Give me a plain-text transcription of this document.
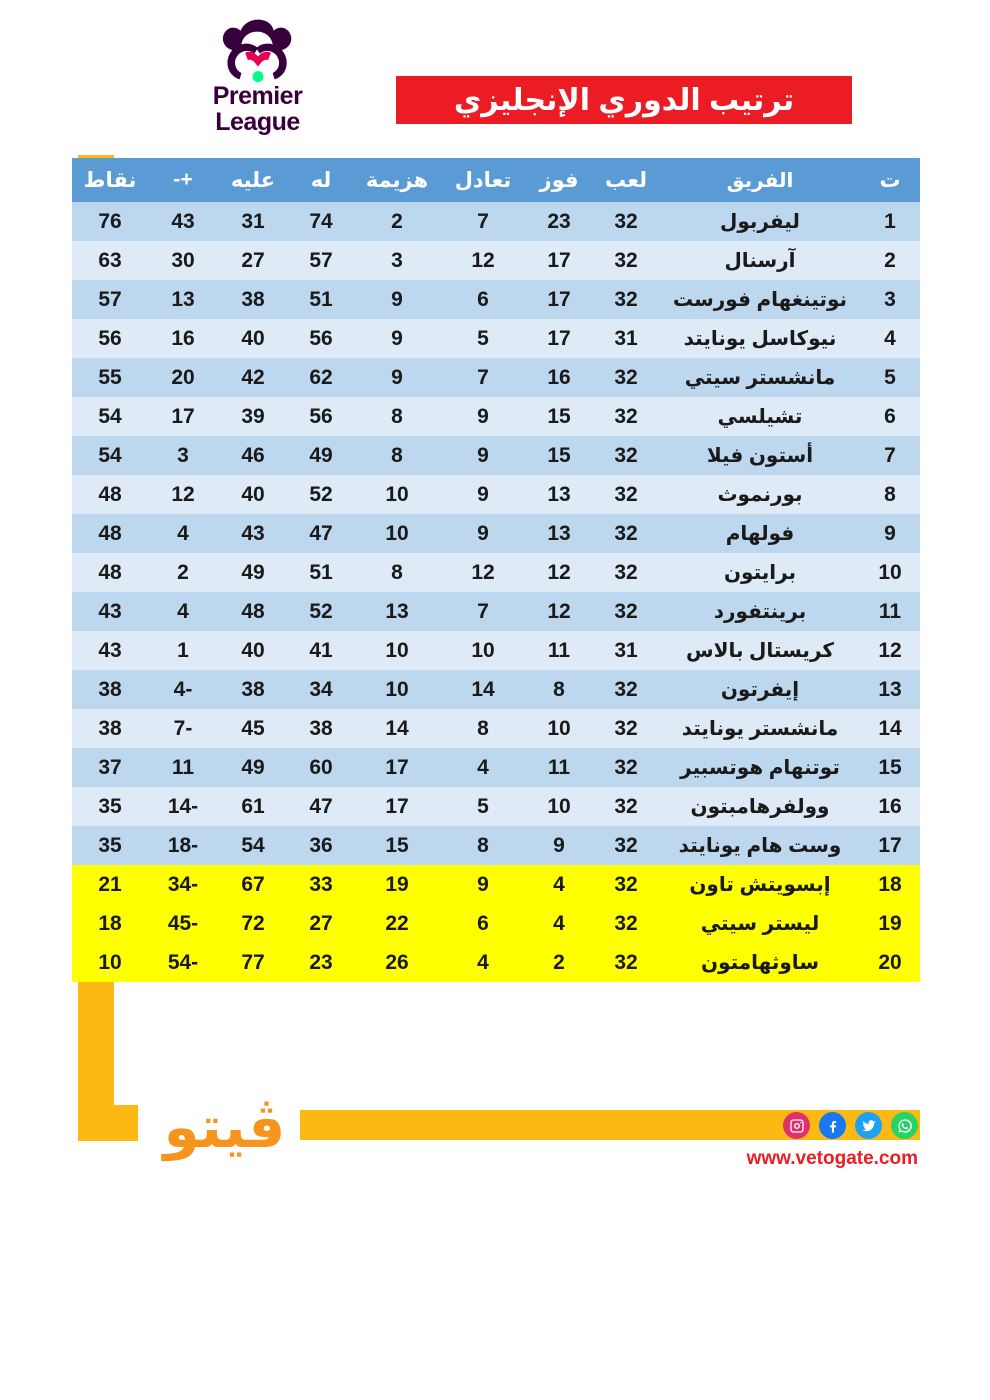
Premier
League
ترتيب الدوري الإنجليزي
ت	الفريق	لعب	فوز	تعادل	هزيمة	له	عليه	+-	نقاط
1	ليفربول	32	23	7	2	74	31	43	76
2	آرسنال	32	17	12	3	57	27	30	63
3	نوتينغهام فورست	32	17	6	9	51	38	13	57
4	نيوكاسل يونايتد	31	17	5	9	56	40	16	56
5	مانشستر سيتي	32	16	7	9	62	42	20	55
6	تشيلسي	32	15	9	8	56	39	17	54
7	أستون فيلا	32	15	9	8	49	46	3	54
8	بورنموث	32	13	9	10	52	40	12	48
9	فولهام	32	13	9	10	47	43	4	48
10	برايتون	32	12	12	8	51	49	2	48
11	برينتفورد	32	12	7	13	52	48	4	43
12	كريستال بالاس	31	11	10	10	41	40	1	43
13	إيفرتون	32	8	14	10	34	38	-4	38
14	مانشستر يونايتد	32	10	8	14	38	45	-7	38
15	توتنهام هوتسبير	32	11	4	17	60	49	11	37
16	وولفرهامبتون	32	10	5	17	47	61	-14	35
17	وست هام يونايتد	32	9	8	15	36	54	-18	35
18	إبسويتش تاون	32	4	9	19	33	67	-34	21
19	ليستر سيتي	32	4	6	22	27	72	-45	18
20	ساوثهامتون	32	2	4	26	23	77	-54	10
ڤيتو	www.vetogate.com
